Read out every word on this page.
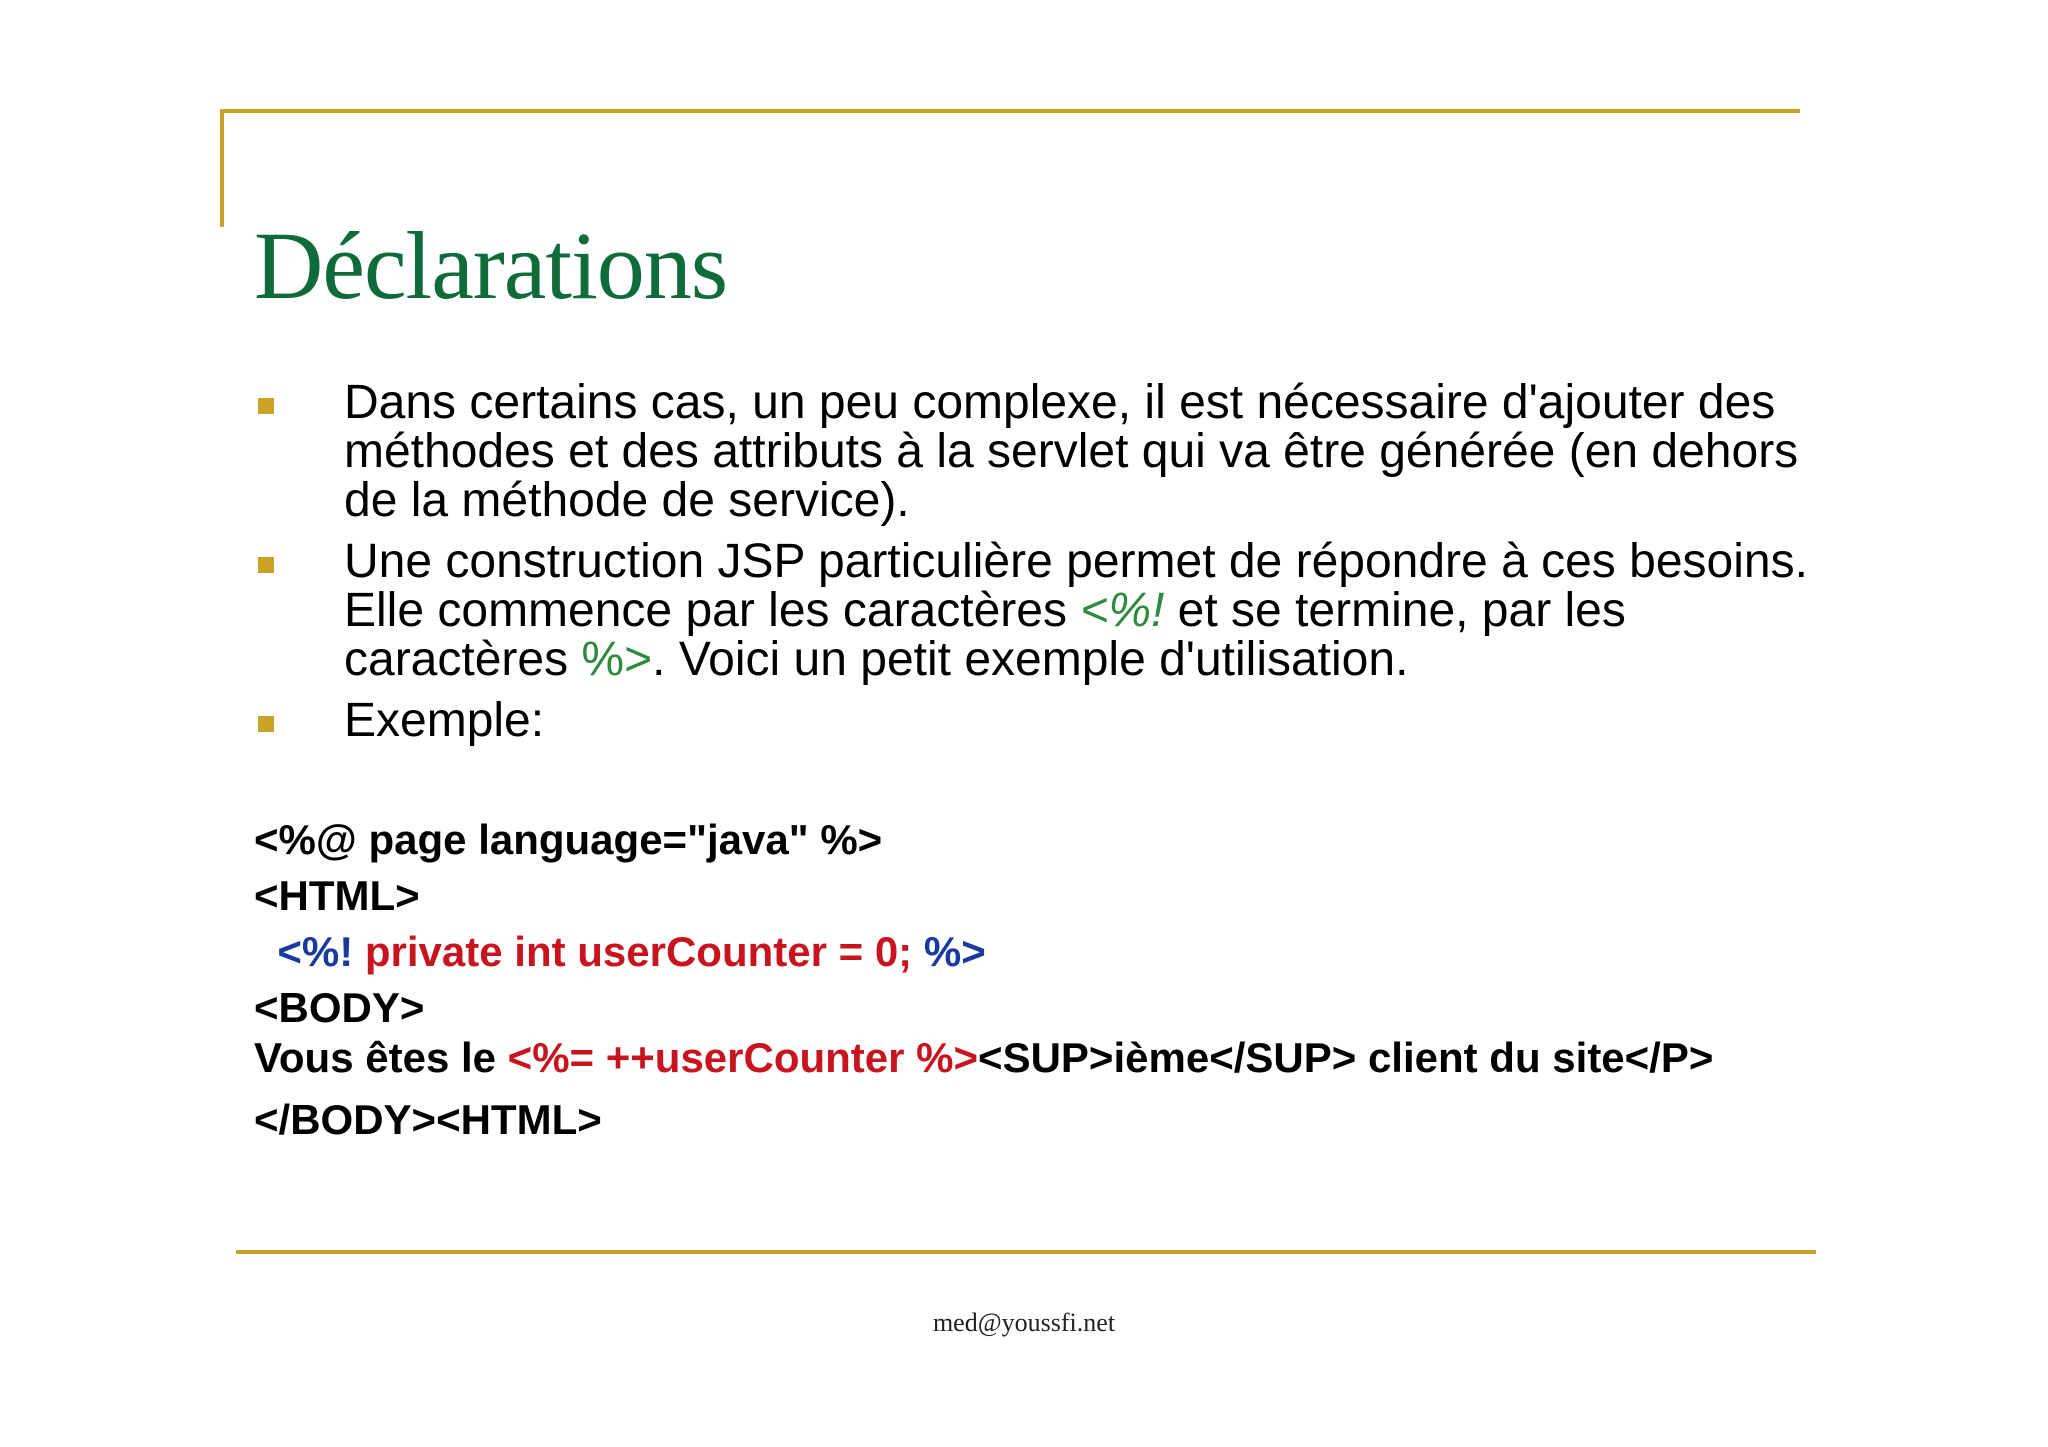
Déclarations
Dans certains cas, un peu complexe, il est nécessaire d'ajouter des méthodes et des attributs à la servlet qui va être générée (en dehors de la méthode de service).
Une construction JSP particulière permet de répondre à ces besoins. Elle commence par les caractères <%! et se termine, par les caractères %>. Voici un petit exemple d'utilisation.
Exemple:
<%@ page language="java" %>
<HTML>
<%! private int userCounter = 0; %>
<BODY>
Vous êtes le <%= ++userCounter %><SUP>ième</SUP> client du site</P>
</BODY><HTML>
med@youssfi.net
